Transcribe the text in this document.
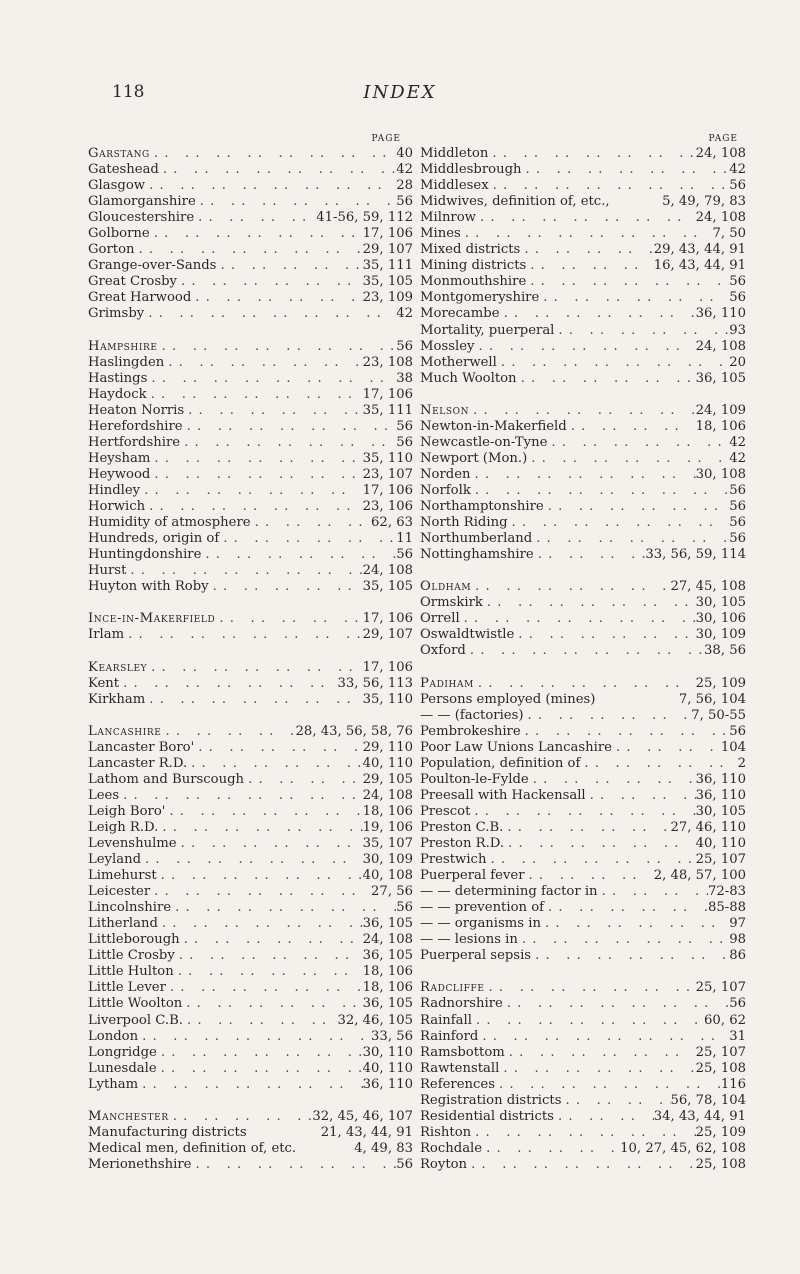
118	INDEX
PAGE
Garstang . .	40
Gateshead . .	42
Glasgow . .	28
Glamorganshire . .	56
Gloucestershire . .	41-56, 59, 112
Golborne . .	17, 106
Gorton . .	29, 107
Grange-over-Sands . .	35, 111
Great Crosby . .	35, 105
Great Harwood . .	23, 109
Grimsby . .	42
Hampshire . .	56
Haslingden . .	23, 108
Hastings . .	38
Haydock . .	17, 106
Heaton Norris . .	35, 111
Herefordshire . .	56
Hertfordshire . .	56
Heysham . .	35, 110
Heywood . .	23, 107
Hindley . .	17, 106
Horwich . .	23, 106
Humidity of atmosphere . .	62, 63
Hundreds, origin of . .	11
Huntingdonshire . .	56
Hurst . .	24, 108
Huyton with Roby . .	35, 105
Ince-in-Makerfield . .	17, 106
Irlam . .	29, 107
Kearsley . .	17, 106
Kent . .	33, 56, 113
Kirkham . .	35, 110
Lancashire . .	28, 43, 56, 58, 76
Lancaster Boro' . .	29, 110
Lancaster R.D. . .	40, 110
Lathom and Burscough . .	29, 105
Lees . .	24, 108
Leigh Boro' . .	18, 106
Leigh R.D. . .	19, 106
Levenshulme . .	35, 107
Leyland . .	30, 109
Limehurst . .	40, 108
Leicester . .	27, 56
Lincolnshire . .	56
Litherland . .	36, 105
Littleborough . .	24, 108
Little Crosby . .	36, 105
Little Hulton . .	18, 106
Little Lever . .	18, 106
Little Woolton . .	36, 105
Liverpool C.B. . .	32, 46, 105
London . .	33, 56
Longridge . .	30, 110
Lunesdale . .	40, 110
Lytham . .	36, 110
Manchester . .	32, 45, 46, 107
Manufacturing districts	21, 43, 44, 91
Medical men, definition of, etc.	4, 49, 83
Merionethshire . .	56
PAGE
Middleton . .	24, 108
Middlesbrough . .	42
Middlesex . .	56
Midwives, definition of, etc.,	5, 49, 79, 83
Milnrow . .	24, 108
Mines . .	7, 50
Mixed districts . .	29, 43, 44, 91
Mining districts . .	16, 43, 44, 91
Monmouthshire . .	56
Montgomeryshire . .	56
Morecambe . .	36, 110
Mortality, puerperal . .	93
Mossley . .	24, 108
Motherwell . .	20
Much Woolton . .	36, 105
Nelson . .	24, 109
Newton-in-Makerfield . .	18, 106
Newcastle-on-Tyne . .	42
Newport (Mon.) . .	42
Norden . .	30, 108
Norfolk . .	56
Northamptonshire . .	56
North Riding . .	56
Northumberland . .	56
Nottinghamshire . .	33, 56, 59, 114
Oldham . .	27, 45, 108
Ormskirk . .	30, 105
Orrell . .	30, 106
Oswaldtwistle . .	30, 109
Oxford . .	38, 56
Padiham . .	25, 109
Persons employed (mines)	7, 56, 104
— — (factories) . .	7, 50-55
Pembrokeshire . .	56
Poor Law Unions Lancashire . .	104
Population, definition of . .	2
Poulton-le-Fylde . .	36, 110
Preesall with Hackensall . .	36, 110
Prescot . .	30, 105
Preston C.B. . .	27, 46, 110
Preston R.D. . .	40, 110
Prestwich . .	25, 107
Puerperal fever . .	2, 48, 57, 100
— — determining factor in . .	72-83
— — prevention of . .	85-88
— — organisms in . .	97
— — lesions in . .	98
Puerperal sepsis . .	86
Radcliffe . .	25, 107
Radnorshire . .	56
Rainfall . .	60, 62
Rainford . .	31
Ramsbottom . .	25, 107
Rawtenstall . .	25, 108
References . .	116
Registration districts . .	56, 78, 104
Residential districts . .	34, 43, 44, 91
Rishton . .	25, 109
Rochdale . .	10, 27, 45, 62, 108
Royton . .	25, 108
